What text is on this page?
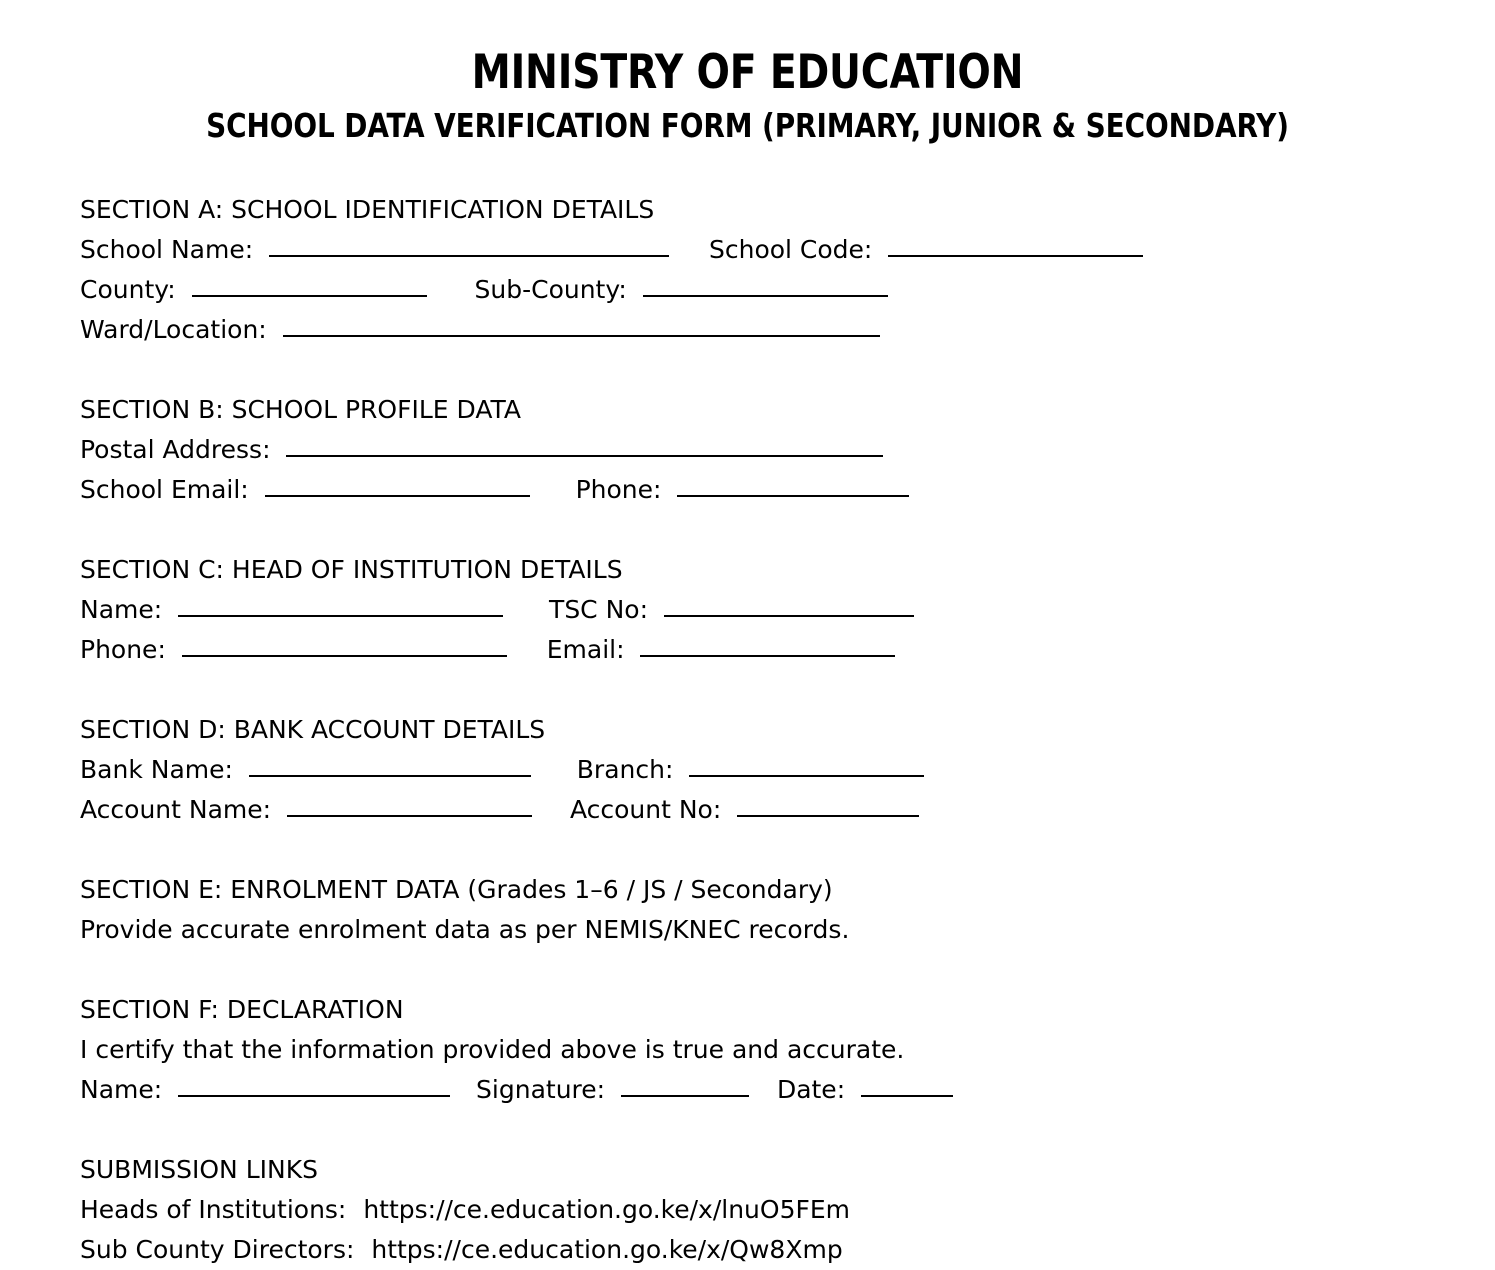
MINISTRY OF EDUCATION
SCHOOL DATA VERIFICATION FORM (PRIMARY, JUNIOR & SECONDARY)
SECTION A: SCHOOL IDENTIFICATION DETAILS
School Name:	School Code:
County:	Sub-County:
Ward/Location:
SECTION B: SCHOOL PROFILE DATA
Postal Address:
School Email:	Phone:
SECTION C: HEAD OF INSTITUTION DETAILS
Name:	TSC No:
Phone:	Email:
SECTION D: BANK ACCOUNT DETAILS
Bank Name:	Branch:
Account Name:	Account No:
SECTION E: ENROLMENT DATA (Grades 1–6 / JS / Secondary)
Provide accurate enrolment data as per NEMIS/KNEC records.
SECTION F: DECLARATION
I certify that the information provided above is true and accurate.
Name:	Signature:	Date:
SUBMISSION LINKS
Heads of Institutions: https://ce.education.go.ke/x/lnuO5FEm
Sub County Directors: https://ce.education.go.ke/x/Qw8Xmp
